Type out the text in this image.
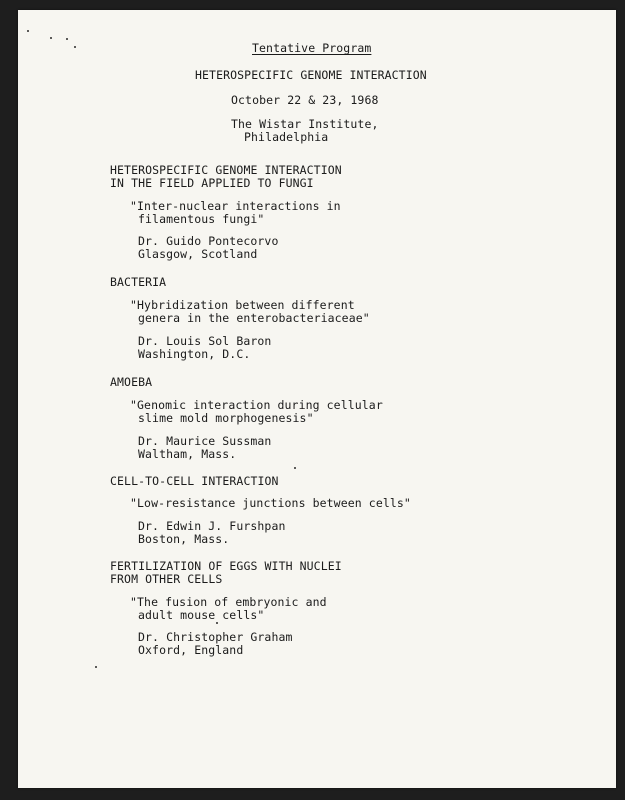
Tentative Program
HETEROSPECIFIC GENOME INTERACTION
October 22 & 23, 1968
The Wistar Institute,
Philadelphia
HETEROSPECIFIC GENOME INTERACTION
IN THE FIELD APPLIED TO FUNGI
"Inter-nuclear interactions in
filamentous fungi"
Dr. Guido Pontecorvo
Glasgow, Scotland
BACTERIA
"Hybridization between different
genera in the enterobacteriaceae"
Dr. Louis Sol Baron
Washington, D.C.
AMOEBA
"Genomic interaction during cellular
slime mold morphogenesis"
Dr. Maurice Sussman
Waltham, Mass.
CELL-TO-CELL INTERACTION
"Low-resistance junctions between cells"
Dr. Edwin J. Furshpan
Boston, Mass.
FERTILIZATION OF EGGS WITH NUCLEI
FROM OTHER CELLS
"The fusion of embryonic and
adult mouse cells"
Dr. Christopher Graham
Oxford, England
